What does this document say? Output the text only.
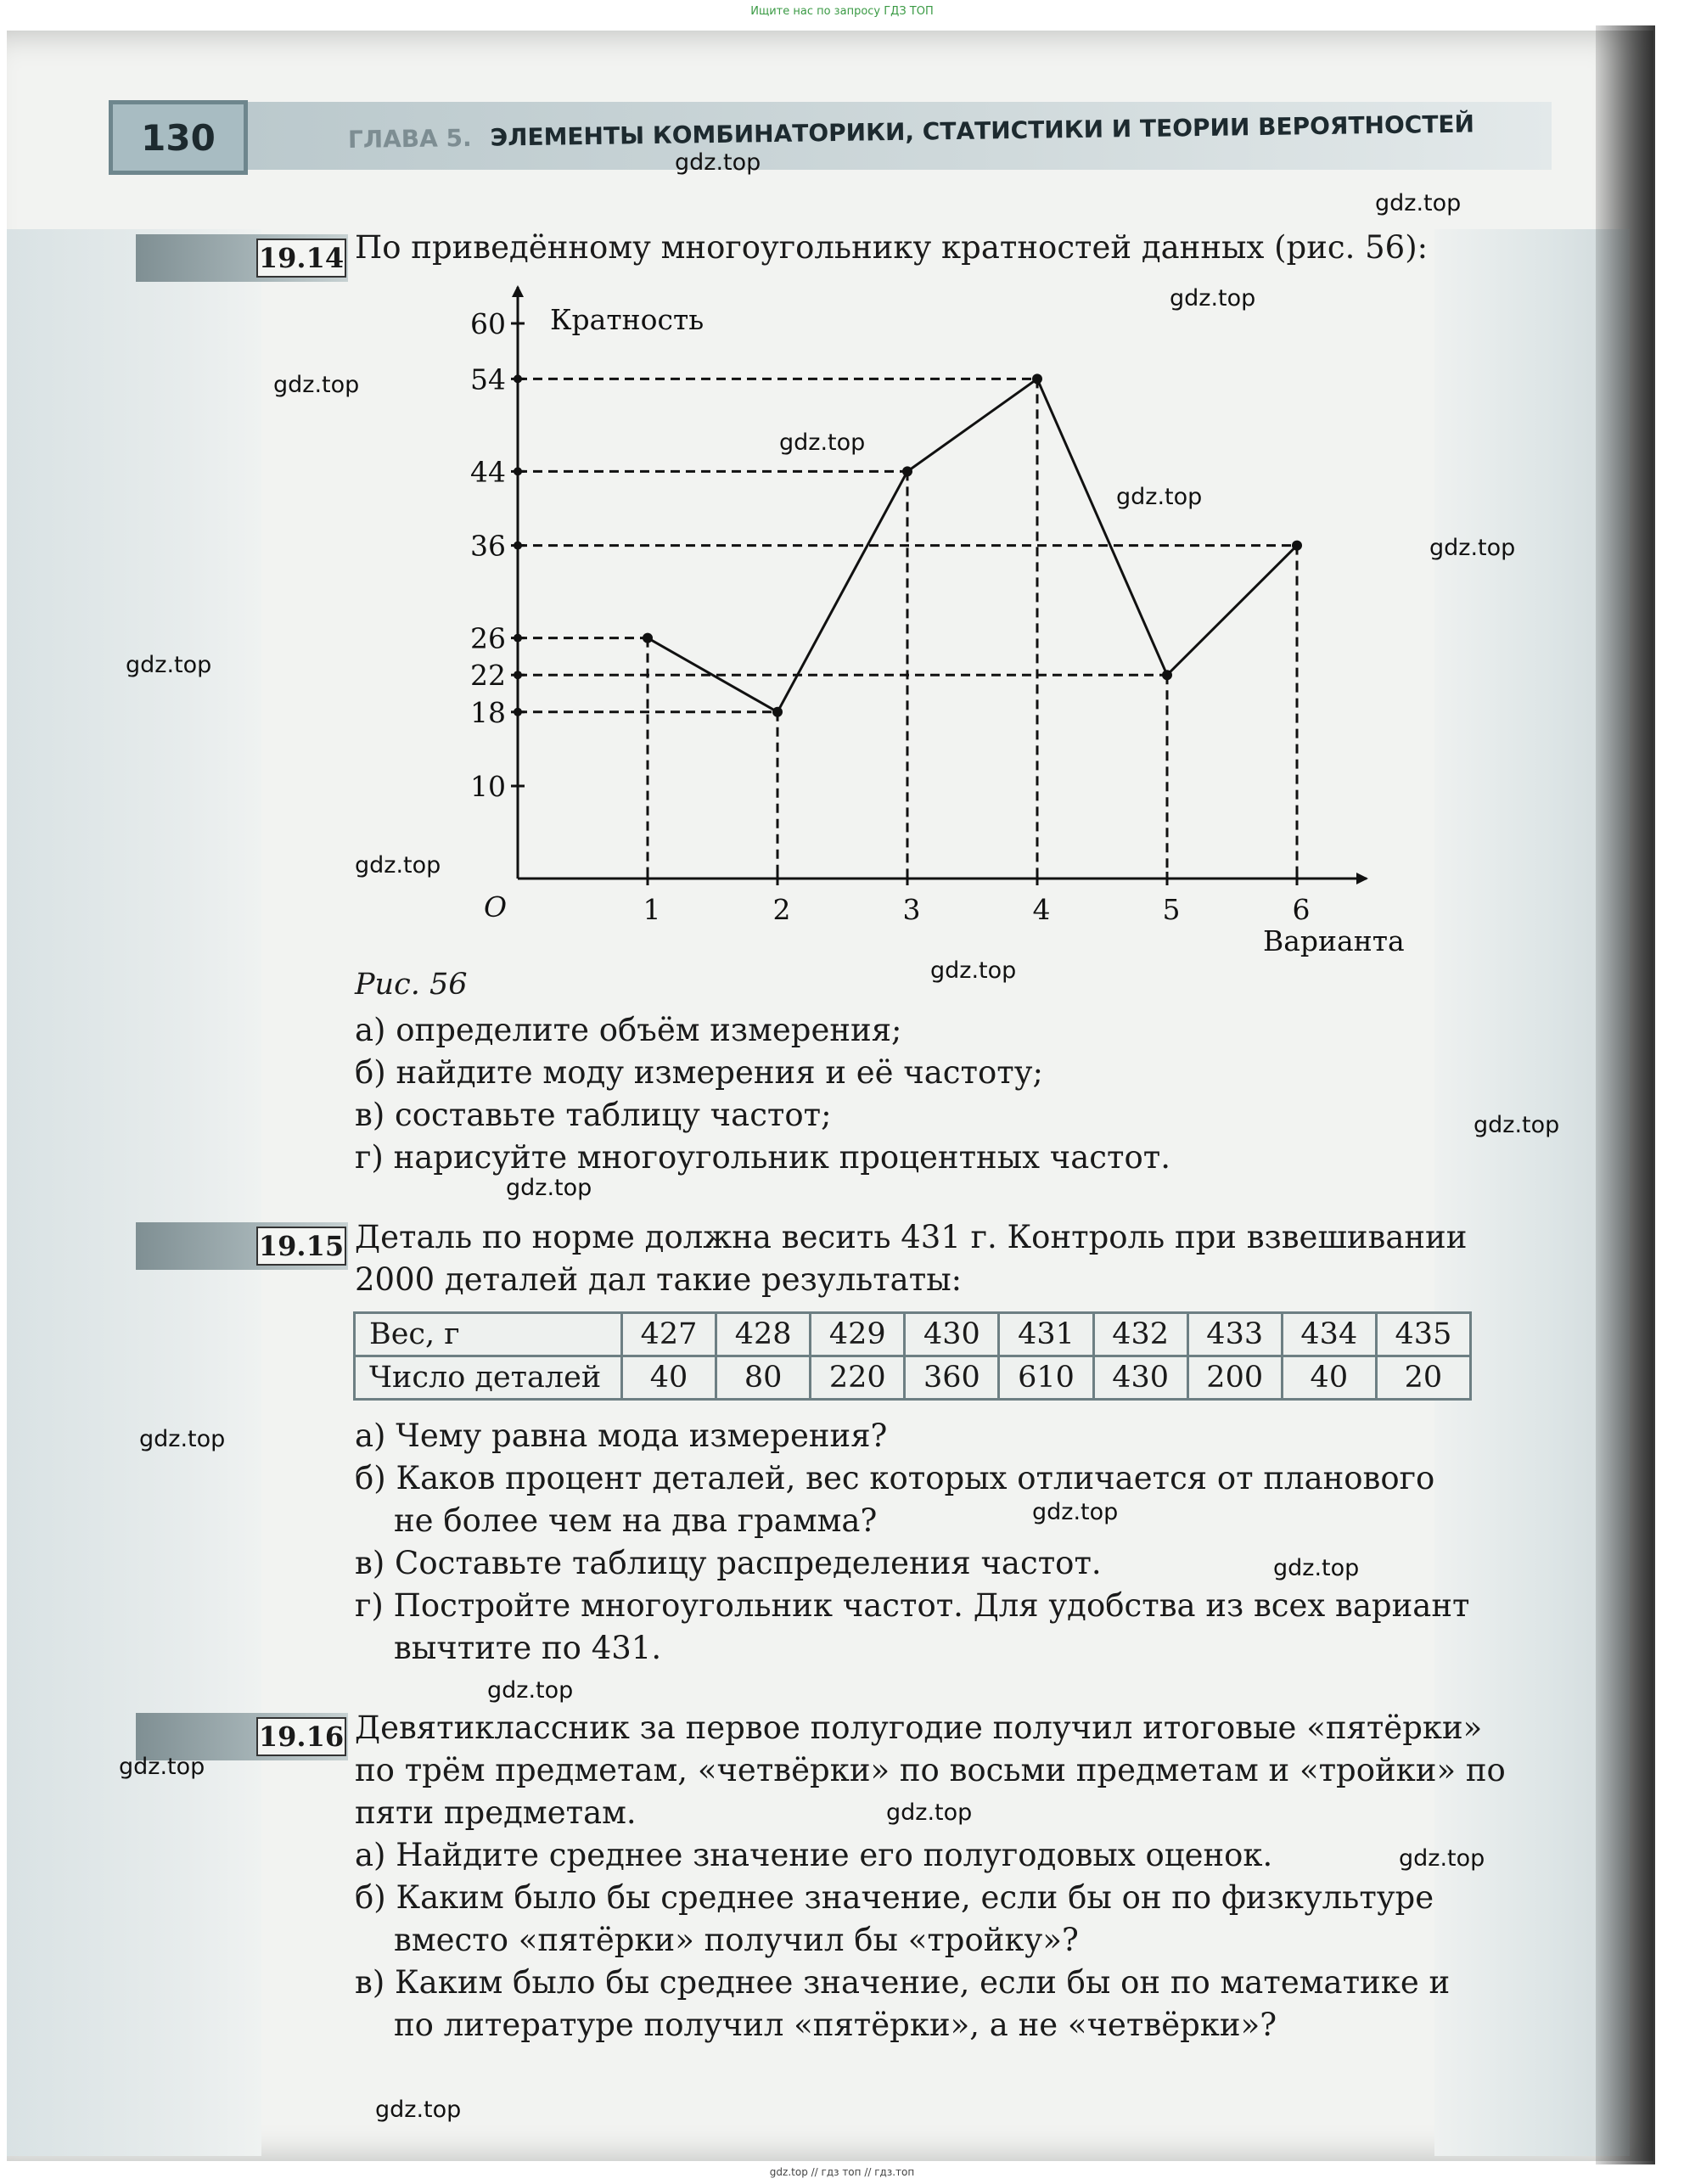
Ищите нас по запросу ГДЗ ТОП
gdz.top // гдз топ // гдз.топ
130	ГЛАВА 5. ЭЛЕМЕНТЫ КОМБИНАТОРИКИ, СТАТИСТИКИ И ТЕОРИИ ВЕРОЯТНОСТЕЙ
19.14 По приведённому многоугольнику кратностей данных (рис. 56):
10
18
22
26
36
44
54
60
1	2	3	4	5	6
Кратность
Варианта
O
Рис. 56
а) определите объём измерения;
б) найдите моду измерения и её частоту;
в) составьте таблицу частот;
г) нарисуйте многоугольник процентных частот.
19.15 Деталь по норме должна весить 431 г. Контроль при взвешивании
2000 деталей дал такие результаты:
Вес, г	427	428	429	430	431	432	433	434	435
Число деталей	40	80	220	360	610	430	200	40	20
а) Чему равна мода измерения?
б) Каков процент деталей, вес которых отличается от планового
не более чем на два грамма?
в) Составьте таблицу распределения частот.
г) Постройте многоугольник частот. Для удобства из всех вариант
вычтите по 431.
19.16 Девятиклассник за первое полугодие получил итоговые «пятёрки»
по трём предметам, «четвёрки» по восьми предметам и «тройки» по
пяти предметам.
а) Найдите среднее значение его полугодовых оценок.
б) Каким было бы среднее значение, если бы он по физкультуре
вместо «пятёрки» получил бы «тройку»?
в) Каким было бы среднее значение, если бы он по математике и
по литературе получил «пятёрки», а не «четвёрки»?
gdz.top
gdz.top
gdz.top
gdz.top
gdz.top
gdz.top
gdz.top
gdz.top
gdz.top
gdz.top
gdz.top
gdz.top
gdz.top
gdz.top
gdz.top
gdz.top
gdz.top
gdz.top
gdz.top
gdz.top
